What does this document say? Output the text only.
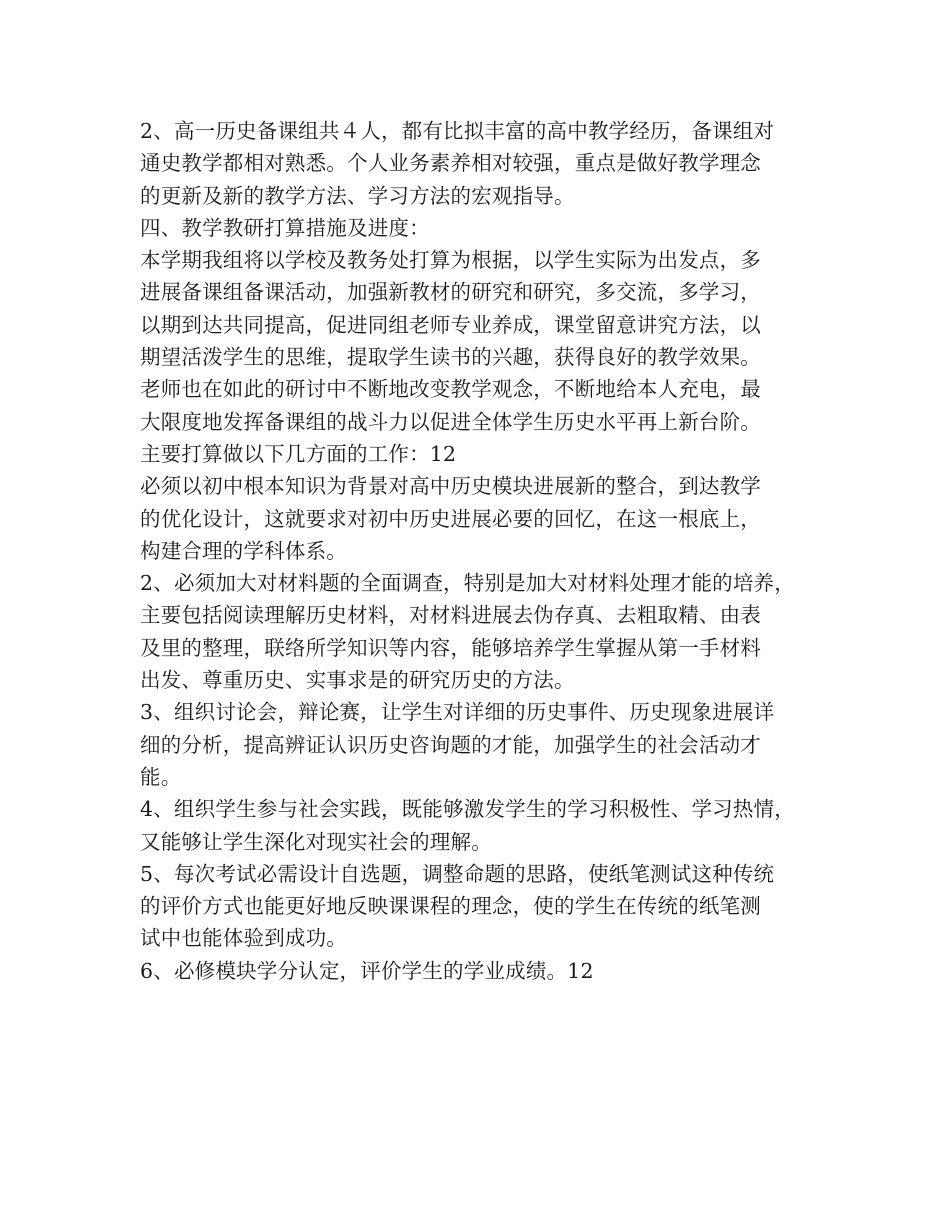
2、高一历史备课组共４人，都有比拟丰富的高中教学经历，备课组对
通史教学都相对熟悉。个人业务素养相对较强，重点是做好教学理念
的更新及新的教学方法、学习方法的宏观指导。
四、教学教研打算措施及进度：
本学期我组将以学校及教务处打算为根据，以学生实际为出发点，多
进展备课组备课活动，加强新教材的研究和研究，多交流，多学习，
以期到达共同提高，促进同组老师专业养成，课堂留意讲究方法，以
期望活泼学生的思维，提取学生读书的兴趣，获得良好的教学效果。
老师也在如此的研讨中不断地改变教学观念，不断地给本人充电，最
大限度地发挥备课组的战斗力以促进全体学生历史水平再上新台阶。
主要打算做以下几方面的工作：12
必须以初中根本知识为背景对高中历史模块进展新的整合，到达教学
的优化设计，这就要求对初中历史进展必要的回忆，在这一根底上，
构建合理的学科体系。
2、必须加大对材料题的全面调查，特别是加大对材料处理才能的培养，
主要包括阅读理解历史材料，对材料进展去伪存真、去粗取精、由表
及里的整理，联络所学知识等内容，能够培养学生掌握从第一手材料
出发、尊重历史、实事求是的研究历史的方法。
3、组织讨论会，辩论赛，让学生对详细的历史事件、历史现象进展详
细的分析，提高辨证认识历史咨询题的才能，加强学生的社会活动才
能。
4、组织学生参与社会实践，既能够激发学生的学习积极性、学习热情，
又能够让学生深化对现实社会的理解。
5、每次考试必需设计自选题，调整命题的思路，使纸笔测试这种传统
的评价方式也能更好地反映课课程的理念，使的学生在传统的纸笔测
试中也能体验到成功。
6、必修模块学分认定，评价学生的学业成绩。12
